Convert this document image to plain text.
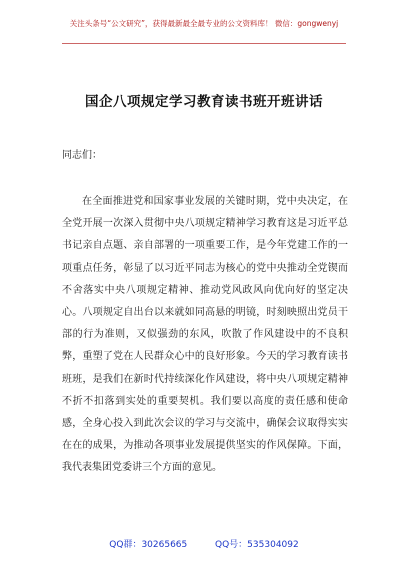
关注头条号“公文研究”，获得最新最全最专业的公文资料库！ 微信：gongwenyj
国企八项规定学习教育读书班开班讲话
同志们：

在全面推进党和国家事业发展的关键时期，党中央决定，在全党开展一次深入贯彻中央八项规定精神学习教育这是习近平总书记亲自点题、亲自部署的一项重要工作，是今年党建工作的一项重点任务，彰显了以习近平同志为核心的党中央推动全党锲而不舍落实中央八项规定精神、推动党风政风向优向好的坚定决心。八项规定自出台以来就如同高悬的明镜，时刻映照出党员干部的行为准则，又似强劲的东风，吹散了作风建设中的不良积弊，重塑了党在人民群众心中的良好形象。今天的学习教育读书班班，是我们在新时代持续深化作风建设，将中央八项规定精神不折不扣落到实处的重要契机。我们要以高度的责任感和使命感，全身心投入到此次会议的学习与交流中，确保会议取得实实在在的成果，为推动各项事业发展提供坚实的作风保障。下面，我代表集团党委讲三个方面的意见。

QQ群：30265665	QQ号：535304092
